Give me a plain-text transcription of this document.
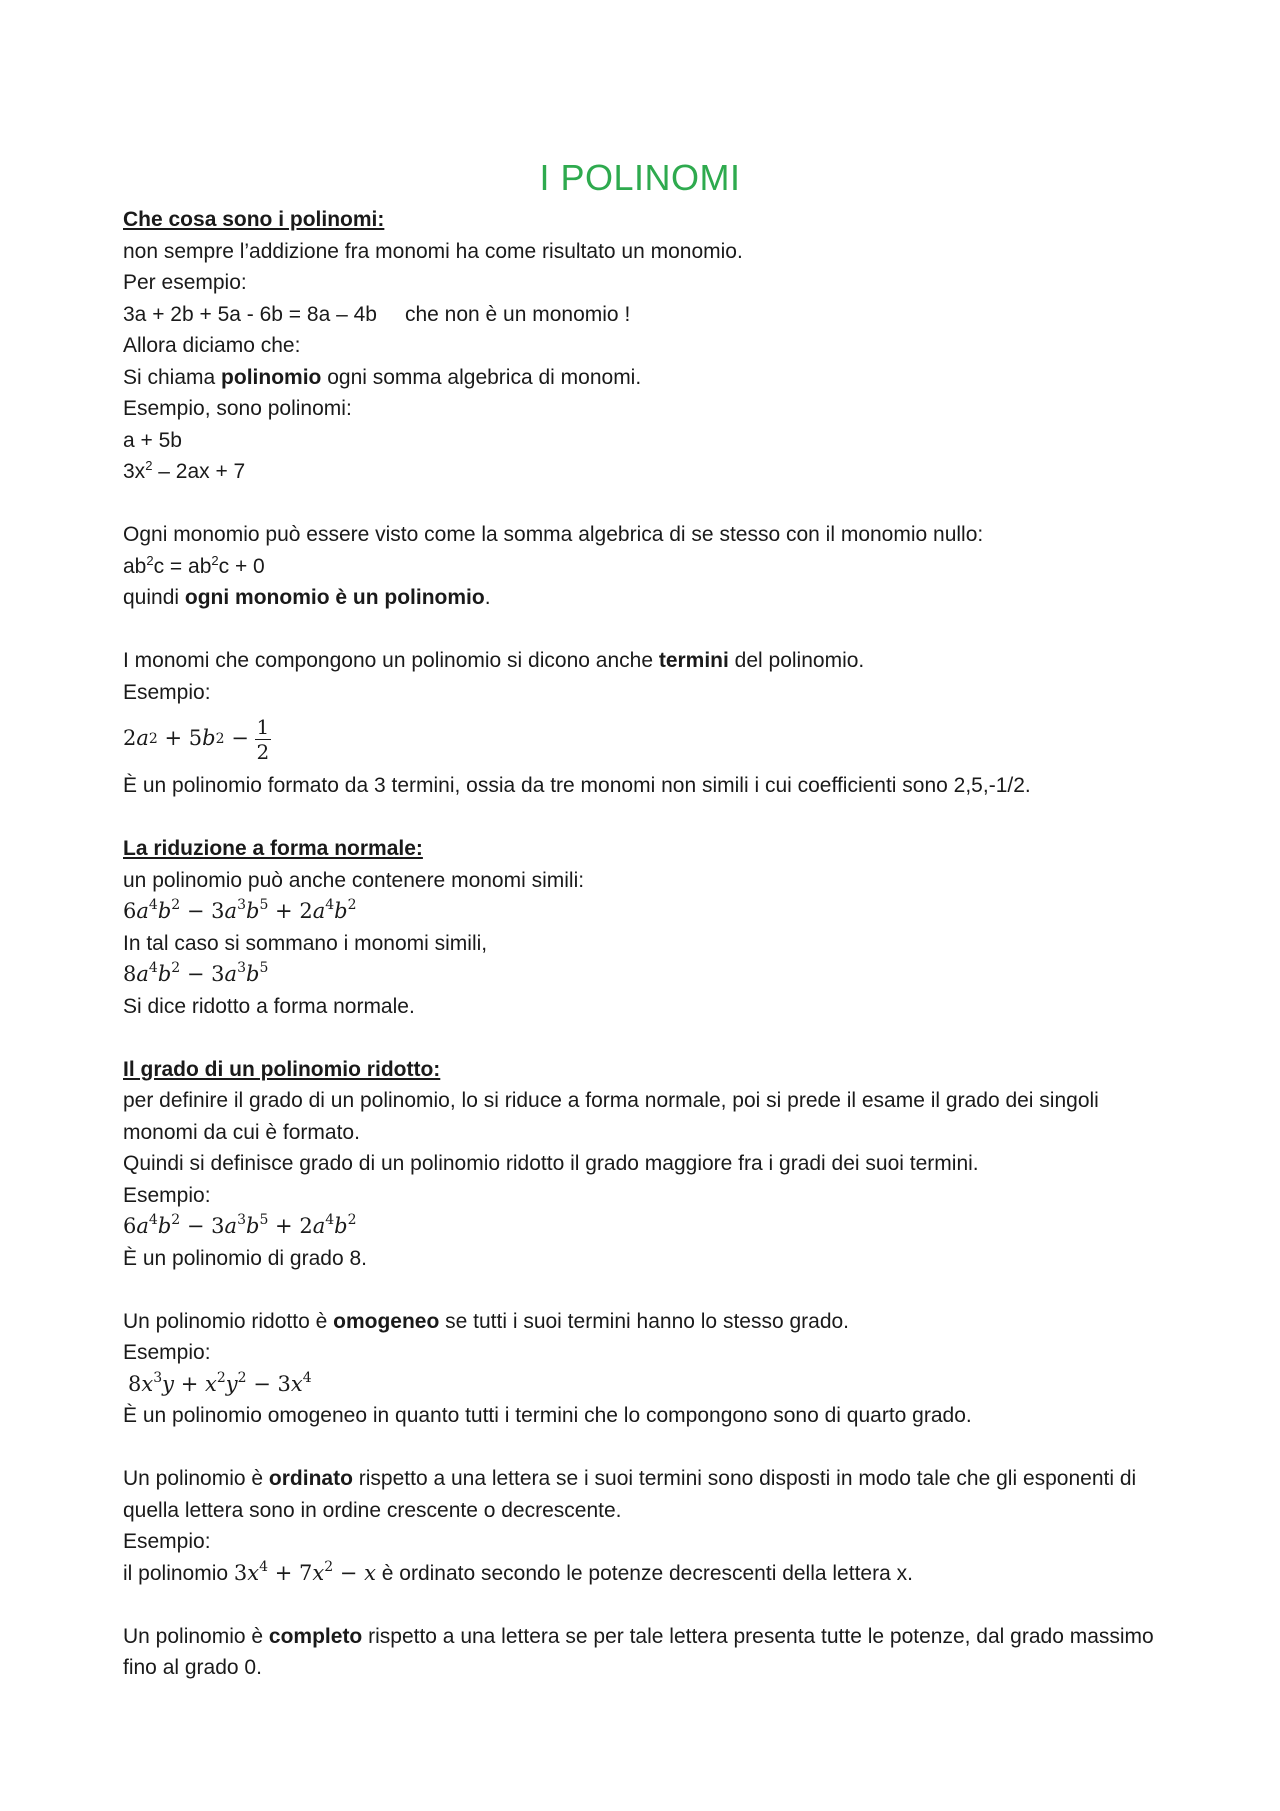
I POLINOMI
Che cosa sono i polinomi:
non sempre l’addizione fra monomi ha come risultato un monomio.
Per esempio:
3a + 2b + 5a - 6b = 8a – 4b che non è un monomio !
Allora diciamo che:
Si chiama polinomio ogni somma algebrica di monomi.
Esempio, sono polinomi:
a + 5b
$3x^2 - 2ax + 7$
Ogni monomio può essere visto come la somma algebrica di se stesso con il monomio nullo:
$ab^2c = ab^2c + 0$
quindi ogni monomio è un polinomio.
I monomi che compongono un polinomio si dicono anche termini del polinomio.
Esempio:
2 a 2 + 5 b $2 - \frac{1}{2}$
È un polinomio formato da 3 termini, ossia da tre monomi non simili i cui coefficienti sono 2,5,-1/2.
La riduzione a forma normale:
un polinomio può anche contenere monomi simili:
$6a^4b^2 - 3a^3b^5 + 2a^4b^2$
In tal caso si sommano i monomi simili,
$8a^4b^2 - 3a^3b^5$
Si dice ridotto a forma normale.
Il grado di un polinomio ridotto:
per definire il grado di un polinomio, lo si riduce a forma normale, poi si prede il esame il grado dei singoli monomi da cui è formato.
Quindi si definisce grado di un polinomio ridotto il grado maggiore fra i gradi dei suoi termini.
Esempio:
$6a^4b^2 - 3a^3b^5 + 2a^4b^2$
È un polinomio di grado 8.
Un polinomio ridotto è omogeneo se tutti i suoi termini hanno lo stesso grado.
Esempio:
$8x^3y + x^2y^2 - 3x^4$
È un polinomio omogeneo in quanto tutti i termini che lo compongono sono di quarto grado.
Un polinomio è ordinato rispetto a una lettera se i suoi termini sono disposti in modo tale che gli esponenti di quella lettera sono in ordine crescente o decrescente.
Esempio:
il polinomio $3x^4 + 7x^2 - x$ è ordinato secondo le potenze decrescenti della lettera x.
Un polinomio è completo rispetto a una lettera se per tale lettera presenta tutte le potenze, dal grado massimo fino al grado 0.
